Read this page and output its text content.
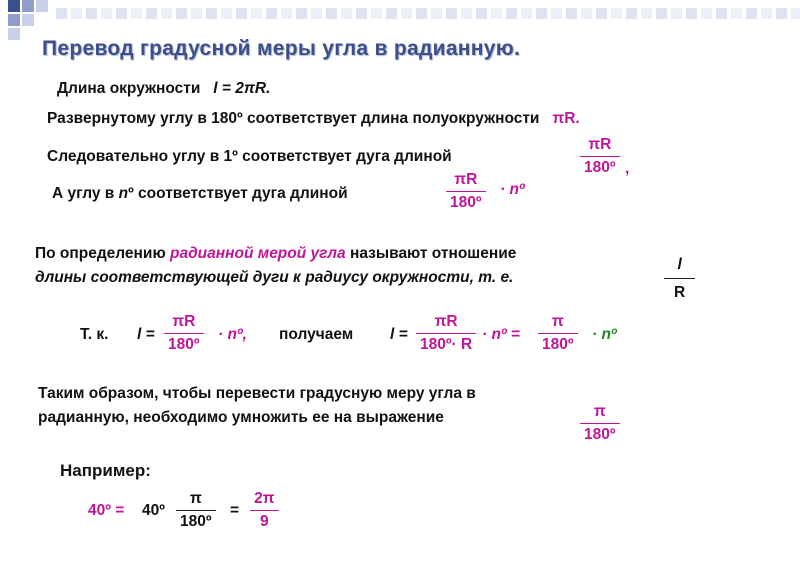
Перевод градусной меры угла в радианную.
Длина окружности l = 2πR.
Развернутому углу в 180º соответствует длина полуокружности πR.
Следовательно углу в 1º соответствует дуга длиной	$\frac{\pi R}{\text{180º}}$ ,
А углу в nº соответствует дуга длиной	$\frac{\pi R}{\text{180º}}$ · nº
По определению радианной мерой угла называют отношение
длины соответствующей дуги к радиусу окружности, т. е.	$\frac{l}{R}$
Т. к. $l = \frac{\pi R}{\text{180º}}$ · nº, получаем $l = \frac{\pi R}{\text{180º· R}}$ · nº = $\frac{\pi}{\text{180º}}$ · nº
Таким образом, чтобы перевести градусную меру угла в
радианную, необходимо умножить ее на выражение	$\frac{\pi}{\text{180º}}$
Например:
40º = 40º $\frac{\pi}{\text{180º}} = \frac{2\pi}{9}$
